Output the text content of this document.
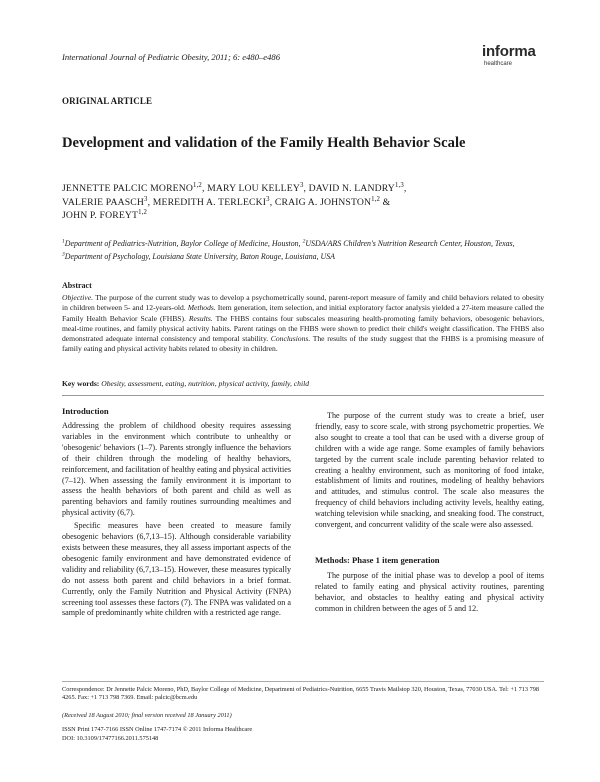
International Journal of Pediatric Obesity, 2011; 6: e480–e486	informa
healthcare
ORIGINAL ARTICLE
Development and validation of the Family Health Behavior Scale
JENNETTE PALCIC MORENO$^{1,2}$, MARY LOU KELLEY$^3$, DAVID N. LANDRY$^{1,3}$,
VALERIE PAASCH$^3$, MEREDITH A. TERLECKI$^3$, CRAIG A. JOHNSTON$^{1,2}$ &
JOHN P. FOREYT$^{1,2}$
$^1$Department of Pediatrics-Nutrition, Baylor College of Medicine, Houston, $^2$USDA/ARS Children's Nutrition Research Center, Houston, Texas, $^3$Department of Psychology, Louisiana State University, Baton Rouge, Louisiana, USA
Abstract
Objective. The purpose of the current study was to develop a psychometrically sound, parent-report measure of family and child behaviors related to obesity in children between 5- and 12-years-old. Methods. Item generation, item selection, and initial exploratory factor analysis yielded a 27-item measure called the Family Health Behavior Scale (FHBS). Results. The FHBS contains four subscales measuring health-promoting family behaviors, obesogenic behaviors, meal-time routines, and family physical activity habits. Parent ratings on the FHBS were shown to predict their child's weight classification. The FHBS also demonstrated adequate internal consistency and temporal stability. Conclusions. The results of the study suggest that the FHBS is a promising measure of family eating and physical activity habits related to obesity in children.
Key words: Obesity, assessment, eating, nutrition, physical activity, family, child
Introduction

Addressing the problem of childhood obesity requires assessing variables in the environment which contribute to unhealthy or 'obesogenic' behaviors (1–7). Parents strongly influence the behaviors of their children through the modeling of healthy behaviors, reinforcement, and facilitation of healthy eating and physical activities (7–12). When assessing the family environment it is important to assess the health behaviors of both parent and child as well as parenting behaviors and family routines surrounding mealtimes and physical activity (6,7).

Specific measures have been created to measure family obesogenic behaviors (6,7,13–15). Although considerable variability exists between these measures, they all assess important aspects of the obesogenic family environment and have demonstrated evidence of validity and reliability (6,7,13–15). However, these measures typically do not assess both parent and child behaviors in a brief format. Currently, only the Family Nutrition and Physical Activity (FNPA) screening tool assesses these factors (7). The FNPA was validated on a sample of predominantly white children with a restricted age range.

The purpose of the current study was to create a brief, user friendly, easy to score scale, with strong psychometric properties. We also sought to create a tool that can be used with a diverse group of children with a wide age range. Some examples of family behaviors targeted by the current scale include parenting behavior related to creating a healthy environment, such as monitoring of food intake, establishment of limits and routines, modeling of healthy behaviors and attitudes, and stimulus control. The scale also measures the frequency of child behaviors including activity levels, healthy eating, watching television while snacking, and sneaking food. The construct, convergent, and concurrent validity of the scale were also assessed.

Methods: Phase 1 item generation

The purpose of the initial phase was to develop a pool of items related to family eating and physical activity routines, parenting behavior, and obstacles to healthy eating and physical activity common in children between the ages of 5 and 12.

Correspondence: Dr Jennette Palcic Moreno, PhD, Baylor College of Medicine, Department of Pediatrics-Nutrition, 6655 Travis Mailstop 320, Houston, Texas, 77030 USA. Tel: +1 713 798 4265. Fax: +1 713 798 7369. Email: palcic@bcm.edu
(Received 18 August 2010; final version received 18 January 2011)
ISSN Print 1747-7166 ISSN Online 1747-7174 © 2011 Informa Healthcare
DOI: 10.3109/17477166.2011.575148
